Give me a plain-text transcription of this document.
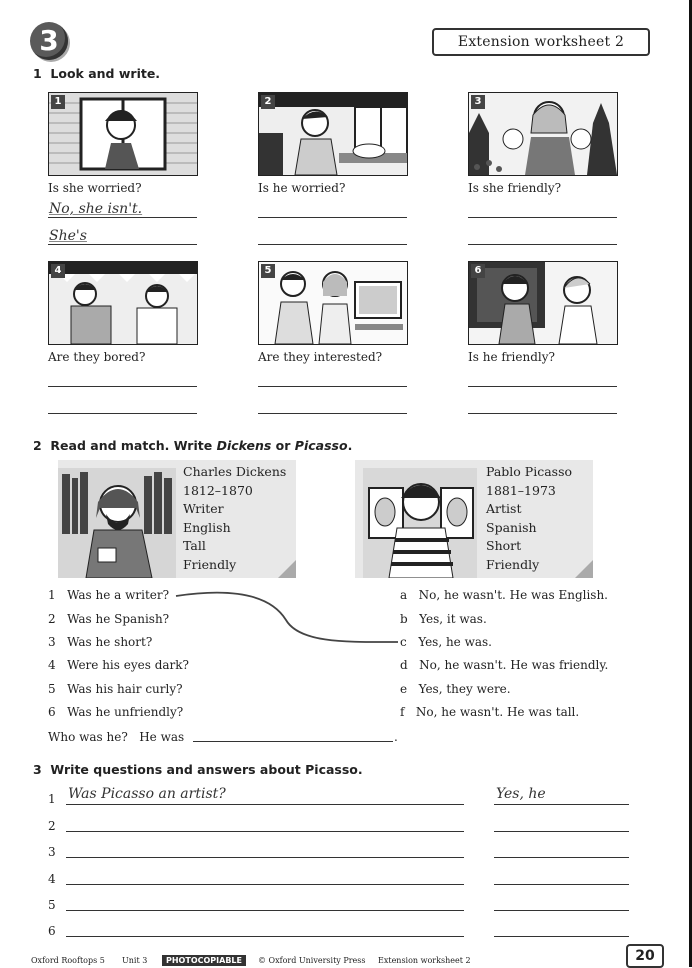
3	Extension worksheet 2
1 Look and write.
1	2	3
Is she worried?	Is he worried?	Is she friendly?
No, she isn't.
She's
4	5	6
Are they bored?	Are they interested?	Is he friendly?
2 Read and match. Write Dickens or Picasso.
Charles Dickens
1812–1870
Writer
English
Tall
Friendly
Pablo Picasso
1881–1973
Artist
Spanish
Short
Friendly
1 Was he a writer?
2 Was he Spanish?
3 Was he short?
4 Were his eyes dark?
5 Was his hair curly?
6 Was he unfriendly?
a No, he wasn't. He was English.
b Yes, it was.
c Yes, he was.
d No, he wasn't. He was friendly.
e Yes, they were.
f No, he wasn't. He was tall.
Who was he? He was	.
3 Write questions and answers about Picasso.
1 Was Picasso an artist?	Yes, he
2
3
4
5
6
Oxford Rooftops 5 Unit 3	PHOTOCOPIABLE	© Oxford University Press Extension worksheet 2	20
